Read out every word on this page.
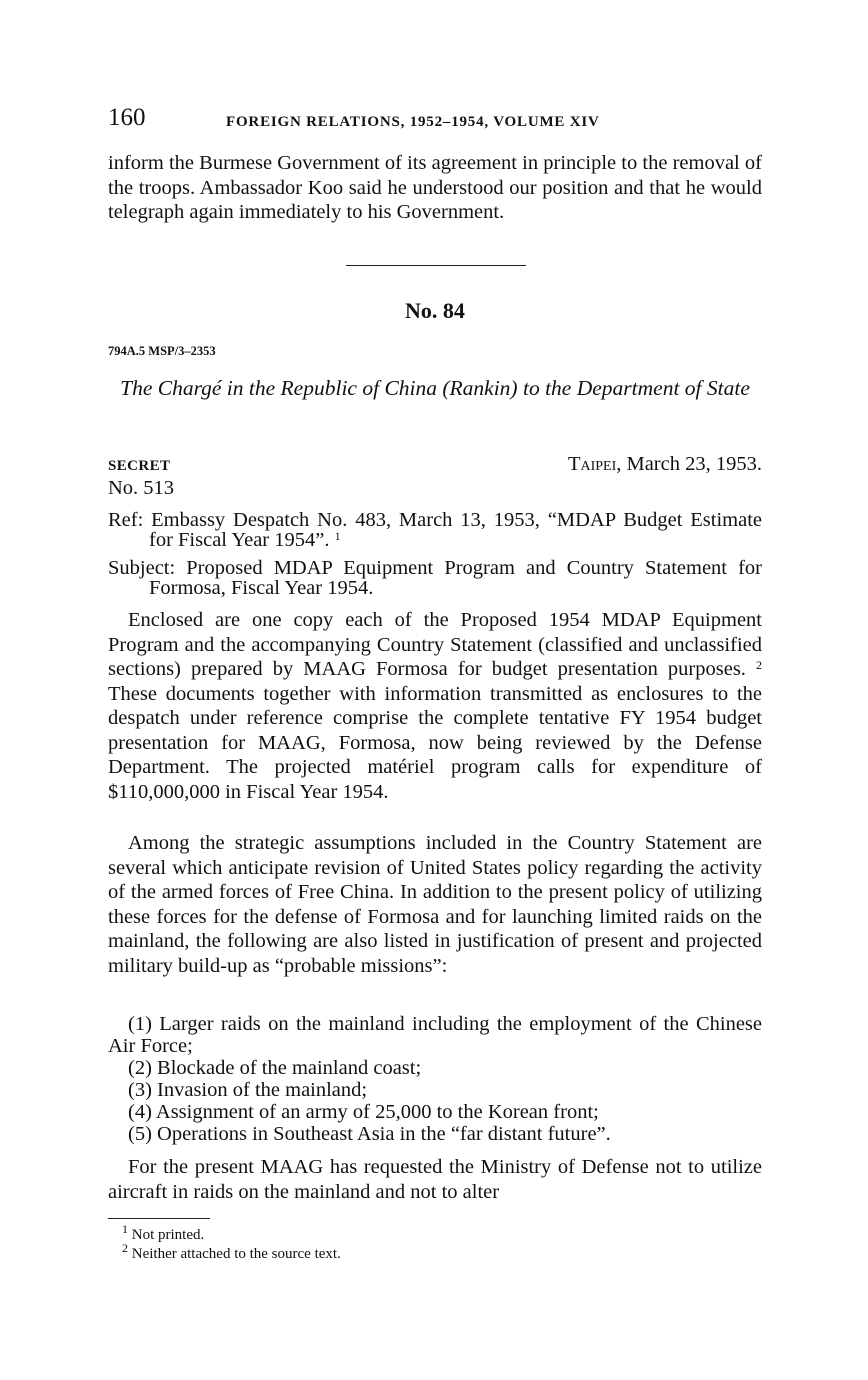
160	FOREIGN RELATIONS, 1952–1954, VOLUME XIV

inform the Burmese Government of its agreement in principle to the removal of the troops. Ambassador Koo said he understood our position and that he would telegraph again immediately to his Government.

No. 84
794A.5 MSP/3–2353
The Chargé in the Republic of China (Rankin) to the Department of State
SECRET	Taipei, March 23, 1953.
No. 513
Ref: Embassy Despatch No. 483, March 13, 1953, “MDAP Budget Estimate for Fiscal Year 1954”. $^1$
Subject: Proposed MDAP Equipment Program and Country Statement for Formosa, Fiscal Year 1954.

Enclosed are one copy each of the Proposed 1954 MDAP Equipment Program and the accompanying Country Statement (classified and unclassified sections) prepared by MAAG Formosa for budget presentation purposes. $^2$ These documents together with information transmitted as enclosures to the despatch under reference comprise the complete tentative FY 1954 budget presentation for MAAG, Formosa, now being reviewed by the Defense Department. The projected matériel program calls for expenditure of $110,000,000 in Fiscal Year 1954.

Among the strategic assumptions included in the Country Statement are several which anticipate revision of United States policy regarding the activity of the armed forces of Free China. In addition to the present policy of utilizing these forces for the defense of Formosa and for launching limited raids on the mainland, the following are also listed in justification of present and projected military build-up as “probable missions”:

(1) Larger raids on the mainland including the employment of the Chinese Air Force;
(2) Blockade of the mainland coast;
(3) Invasion of the mainland;
(4) Assignment of an army of 25,000 to the Korean front;
(5) Operations in Southeast Asia in the “far distant future”.

For the present MAAG has requested the Ministry of Defense not to utilize aircraft in raids on the mainland and not to alter

$^1$ Not printed.
$^2$ Neither attached to the source text.
